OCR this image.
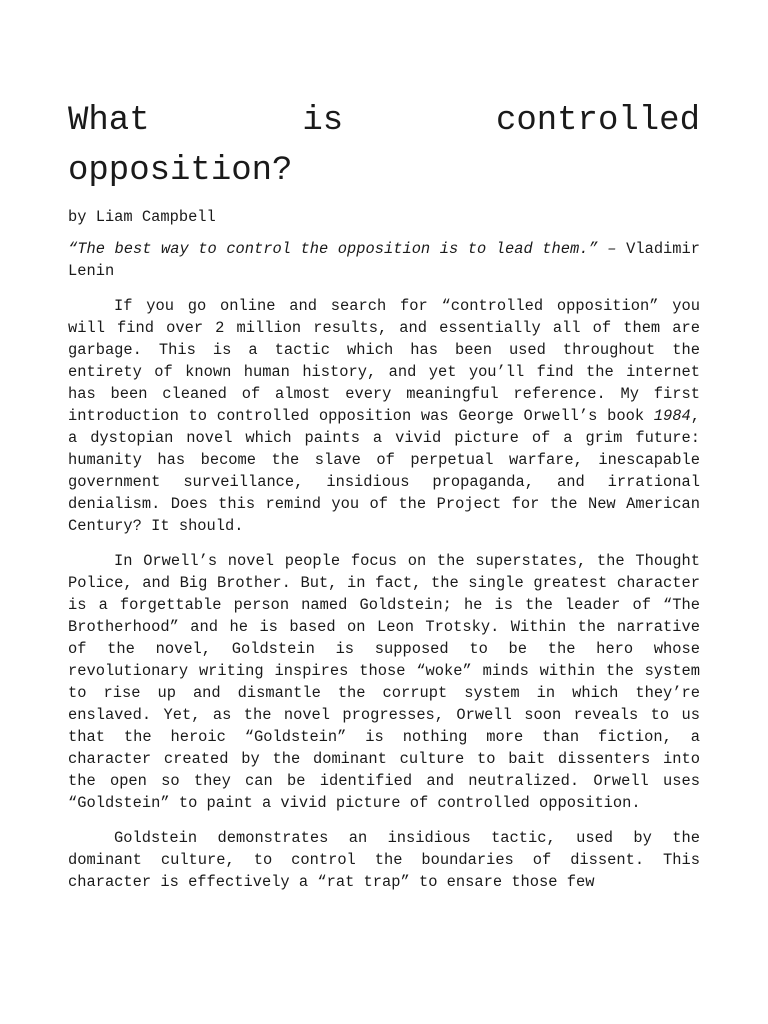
What	is	controlled
opposition?

by Liam Campbell

“The best way to control the opposition is to lead them.” – Vladimir Lenin

If you go online and search for “controlled opposition” you will find over 2 million results, and essentially all of them are garbage. This is a tactic which has been used throughout the entirety of known human history, and yet you’ll find the internet has been cleaned of almost every meaningful reference. My first introduction to controlled opposition was George Orwell’s book 1984, a dystopian novel which paints a vivid picture of a grim future: humanity has become the slave of perpetual warfare, inescapable government surveillance, insidious propaganda, and irrational denialism. Does this remind you of the Project for the New American Century? It should.

In Orwell’s novel people focus on the superstates, the Thought Police, and Big Brother. But, in fact, the single greatest character is a forgettable person named Goldstein; he is the leader of “The Brotherhood” and he is based on Leon Trotsky. Within the narrative of the novel, Goldstein is supposed to be the hero whose revolutionary writing inspires those “woke” minds within the system to rise up and dismantle the corrupt system in which they’re enslaved. Yet, as the novel progresses, Orwell soon reveals to us that the heroic “Goldstein” is nothing more than fiction, a character created by the dominant culture to bait dissenters into the open so they can be identified and neutralized. Orwell uses “Goldstein” to paint a vivid picture of controlled opposition.

Goldstein demonstrates an insidious tactic, used by the dominant culture, to control the boundaries of dissent. This character is effectively a “rat trap” to ensare those few
